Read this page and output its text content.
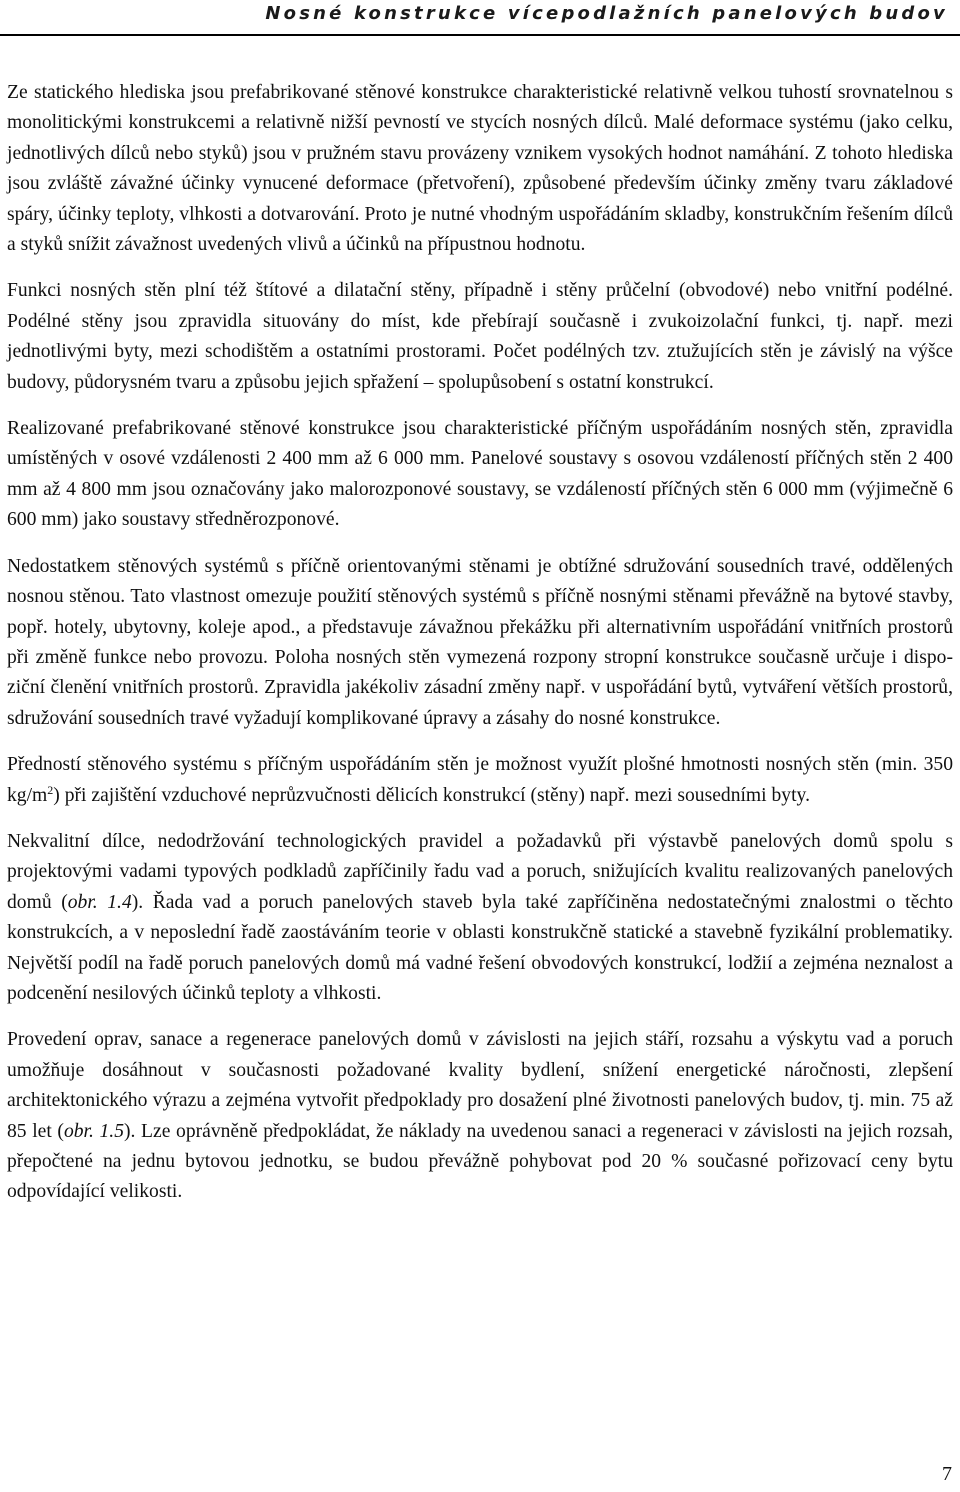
Nosné konstrukce vícepodlažních panelových budov

Ze statického hlediska jsou prefabrikované stěnové konstrukce charakteristické relativně velkou tuhostí srovnatelnou s monolitickými konstrukcemi a relativně nižší pevností ve stycích nosných dílců. Malé deformace systému (jako celku, jednotlivých dílců nebo styků) jsou v pružném stavu provázeny vznikem vysokých hodnot namáhání. Z tohoto hlediska jsou zvláště závažné účinky vynucené deformace (přetvoření), způsobené především účinky změny tvaru základové spáry, účinky teploty, vlhkosti a dotvarování. Proto je nutné vhodným uspořádáním skladby, konstrukčním řešením dílců a styků snížit závažnost uvedených vlivů a účinků na přípustnou hodnotu.

Funkci nosných stěn plní též štítové a dilatační stěny, případně i stěny průčelní (obvodové) nebo vnitřní podélné. Podélné stěny jsou zpravidla situovány do míst, kde přebírají současně i zvukoizolační funkci, tj. např. mezi jednotlivými byty, mezi schodištěm a ostatními prostorami. Počet podélných tzv. ztužujících stěn je závislý na výšce budovy, půdorysném tvaru a způsobu jejich spřažení – spolupůsobení s ostatní konstrukcí.

Realizované prefabrikované stěnové konstrukce jsou charakteristické příčným uspořádáním nosných stěn, zpravidla umístěných v osové vzdálenosti 2 400 mm až 6 000 mm. Panelové soustavy s osovou vzdáleností příčných stěn 2 400 mm až 4 800 mm jsou označovány jako malorozponové soustavy, se vzdáleností příčných stěn 6 000 mm (výjimečně 6 600 mm) jako soustavy středněrozponové.

Nedostatkem stěnových systémů s příčně orientovanými stěnami je obtížné sdružování sousedních travé, oddělených nosnou stěnou. Tato vlastnost omezuje použití stěnových systémů s příčně nosnými stěnami převážně na bytové stavby, popř. hotely, ubytovny, koleje apod., a představuje závažnou překážku při alternativním uspořádání vnitřních prostorů při změně funkce nebo provozu. Poloha nosných stěn vymezená rozpony stropní konstrukce současně určuje i dispoziční členění vnitřních prostorů. Zpravidla jakékoliv zásadní změny např. v uspořádání bytů, vytváření větších prostorů, sdružování sousedních travé vyžadují komplikované úpravy a zásahy do nosné konstrukce.

Předností stěnového systému s příčným uspořádáním stěn je možnost využít plošné hmotnosti nosných stěn (min. 350 $kg/m^2$) při zajištění vzduchové neprůzvučnosti dělicích konstrukcí (stěny) např. mezi sousedními byty.

Nekvalitní dílce, nedodržování technologických pravidel a požadavků při výstavbě panelových domů spolu s projektovými vadami typových podkladů zapříčinily řadu vad a poruch, snižujících kvalitu realizovaných panelových domů (obr. 1.4). Řada vad a poruch panelových staveb byla také zapříčiněna nedostatečnými znalostmi o těchto konstrukcích, a v neposlední řadě zaostáváním teorie v oblasti konstrukčně statické a stavebně fyzikální problematiky. Největší podíl na řadě poruch panelových domů má vadné řešení obvodových konstrukcí, lodžií a zejména neznalost a podcenění nesilových účinků teploty a vlhkosti.

Provedení oprav, sanace a regenerace panelových domů v závislosti na jejich stáří, rozsahu a výskytu vad a poruch umožňuje dosáhnout v současnosti požadované kvality bydlení, snížení energetické náročnosti, zlepšení architektonického výrazu a zejména vytvořit předpoklady pro dosažení plné životnosti panelových budov, tj. min. 75 až 85 let (obr. 1.5). Lze oprávněně předpokládat, že náklady na uvedenou sanaci a regeneraci v závislosti na jejich rozsah, přepočtené na jednu bytovou jednotku, se budou převážně pohybovat pod 20 % současné pořizovací ceny bytu odpovídající velikosti.

7
